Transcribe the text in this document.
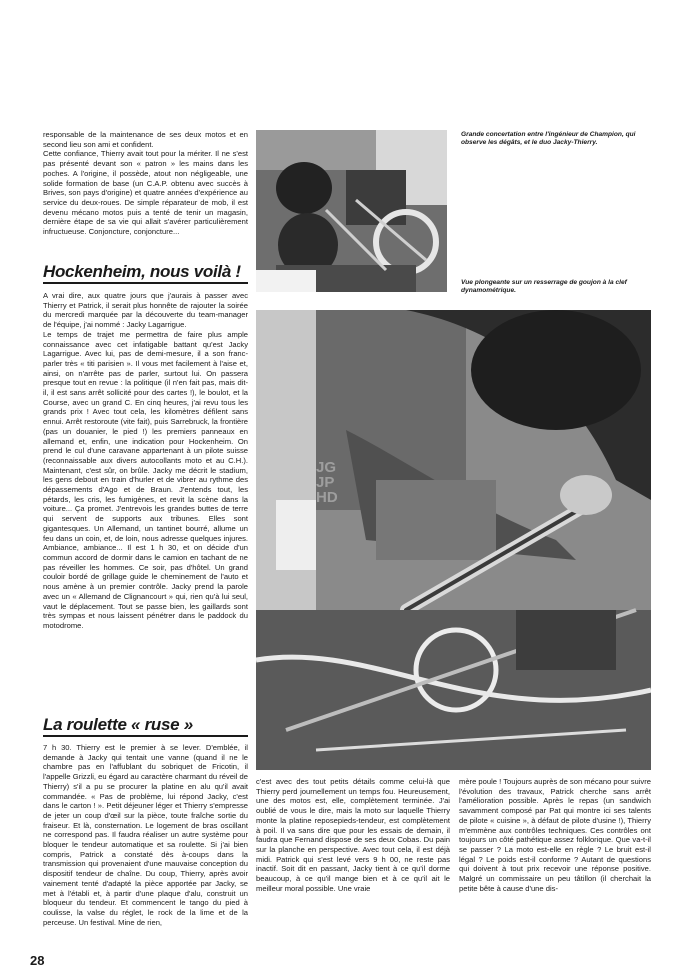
responsable de la maintenance de ses deux motos et en second lieu son ami et confident.
Cette confiance, Thierry avait tout pour la mériter. Il ne s'est pas présenté devant son « patron » les mains dans les poches. A l'origine, il possède, atout non négligeable, une solide formation de base (un C.A.P. obtenu avec succès à Brives, son pays d'origine) et quatre années d'expérience au service du deux-roues. De simple réparateur de mob, il est devenu mécano motos puis a tenté de tenir un magasin, dernière étape de sa vie qui allait s'avérer particulièrement infructueuse. Conjoncture, conjoncture...
Hockenheim, nous voilà !
A vrai dire, aux quatre jours que j'aurais à passer avec Thierry et Patrick, il serait plus honnête de rajouter la soirée du mercredi marquée par la découverte du team-manager de l'équipe, j'ai nommé : Jacky Lagarrigue.
Le temps de trajet me permettra de faire plus ample connaissance avec cet infatigable battant qu'est Jacky Lagarrigue. Avec lui, pas de demi-mesure, il a son franc-parler très « titi parisien ». Il vous met facilement à l'aise et, ainsi, on n'arrête pas de parler, surtout lui. On passera presque tout en revue : la politique (il n'en fait pas, mais dit-il, il est sans arrêt sollicité pour des cartes !), le boulot, et la Course, avec un grand C. En cinq heures, j'ai revu tous les grands prix ! Avec tout cela, les kilomètres défilent sans ennui. Arrêt restoroute (vite fait), puis Sarrebruck, la frontière (pas un douanier, le pied !) les premiers panneaux en allemand et, enfin, une indication pour Hockenheim. On prend le cul d'une caravane appartenant à un pilote suisse (reconnaissable aux divers autocollants moto et au C.H.). Maintenant, c'est sûr, on brûle. Jacky me décrit le stadium, les gens debout en train d'hurler et de vibrer au rythme des dépassements d'Ago et de Braun. J'entends tout, les pétards, les cris, les fumigènes, et revit la scène dans la voiture... Ça promet. J'entrevois les grandes buttes de terre qui servent de supports aux tribunes. Elles sont gigantesques. Un Allemand, un tantinet bourré, allume un feu dans un coin, et, de loin, nous adresse quelques injures. Ambiance, ambiance... Il est 1 h 30, et on décide d'un commun accord de dormir dans le camion en tachant de ne pas réveiller les hommes. Ce soir, pas d'hôtel. Un grand couloir bordé de grillage guide le cheminement de l'auto et nous amène à un premier contrôle. Jacky prend la parole avec un « Allemand de Clignancourt » qui, rien qu'à lui seul, vaut le déplacement. Tout se passe bien, les gaillards sont très sympas et nous laissent pénétrer dans le paddock du motodrome.
La roulette « ruse »
7 h 30. Thierry est le premier à se lever. D'emblée, il demande à Jacky qui tentait une vanne (quand il ne le chambre pas en l'affublant du sobriquet de Fricotin, il l'appelle Grizzli, eu égard au caractère charmant du réveil de Thierry) s'il a pu se procurer la platine en alu qu'il avait commandée. « Pas de problème, lui répond Jacky, c'est dans le carton ! ». Petit déjeuner léger et Thierry s'empresse de jeter un coup d'œil sur la pièce, toute fraîche sortie du fraiseur. Et là, consternation. Le logement de bras oscillant ne correspond pas. Il faudra réaliser un autre système pour bloquer le tendeur automatique et sa roulette. Si j'ai bien compris, Patrick a constaté dès à-coups dans la transmission qui provenaient d'une mauvaise conception du dispositif tendeur de chaîne. Du coup, Thierry, après avoir vainement tenté d'adapté la pièce apportée par Jacky, se met à l'établi et, à partir d'une plaque d'alu, construit un bloqueur du tendeur. Et commencent le tango du pied à coulisse, la valse du réglet, le rock de la lime et de la perceuse. Un festival. Mine de rien,
Grande concertation entre l'ingénieur de Champion, qui observe les dégâts, et le duo Jacky-Thierry.
Vue plongeante sur un resserrage de goujon à la clef dynamométrique.
JG JP HD
c'est avec des tout petits détails comme celui-là que Thierry perd journellement un temps fou. Heureusement, une des motos est, elle, complètement terminée. J'ai oublié de vous le dire, mais la moto sur laquelle Thierry monte la platine reposepieds-tendeur, est complètement à poil. Il va sans dire que pour les essais de demain, il faudra que Fernand dispose de ses deux Cobas. Du pain sur la planche en perspective. Avec tout cela, il est déjà midi. Patrick qui s'est levé vers 9 h 00, ne reste pas inactif. Soit dit en passant, Jacky tient à ce qu'il dorme beaucoup, à ce qu'il mange bien et à ce qu'il ait le meilleur moral possible. Une vraie
mère poule ! Toujours auprès de son mécano pour suivre l'évolution des travaux, Patrick cherche sans arrêt l'amélioration possible. Après le repas (un sandwich savamment composé par Pat qui montre ici ses talents de pilote « cuisine », à défaut de pilote d'usine !), Thierry m'emmène aux contrôles techniques. Ces contrôles ont toujours un côté pathétique assez folklorique. Que va-t-il se passer ? La moto est-elle en règle ? Le bruit est-il légal ? Le poids est-il conforme ? Autant de questions qui doivent à tout prix recevoir une réponse positive. Malgré un commissaire un peu tâtillon (il cherchait la petite bête à cause d'une dis-
28
